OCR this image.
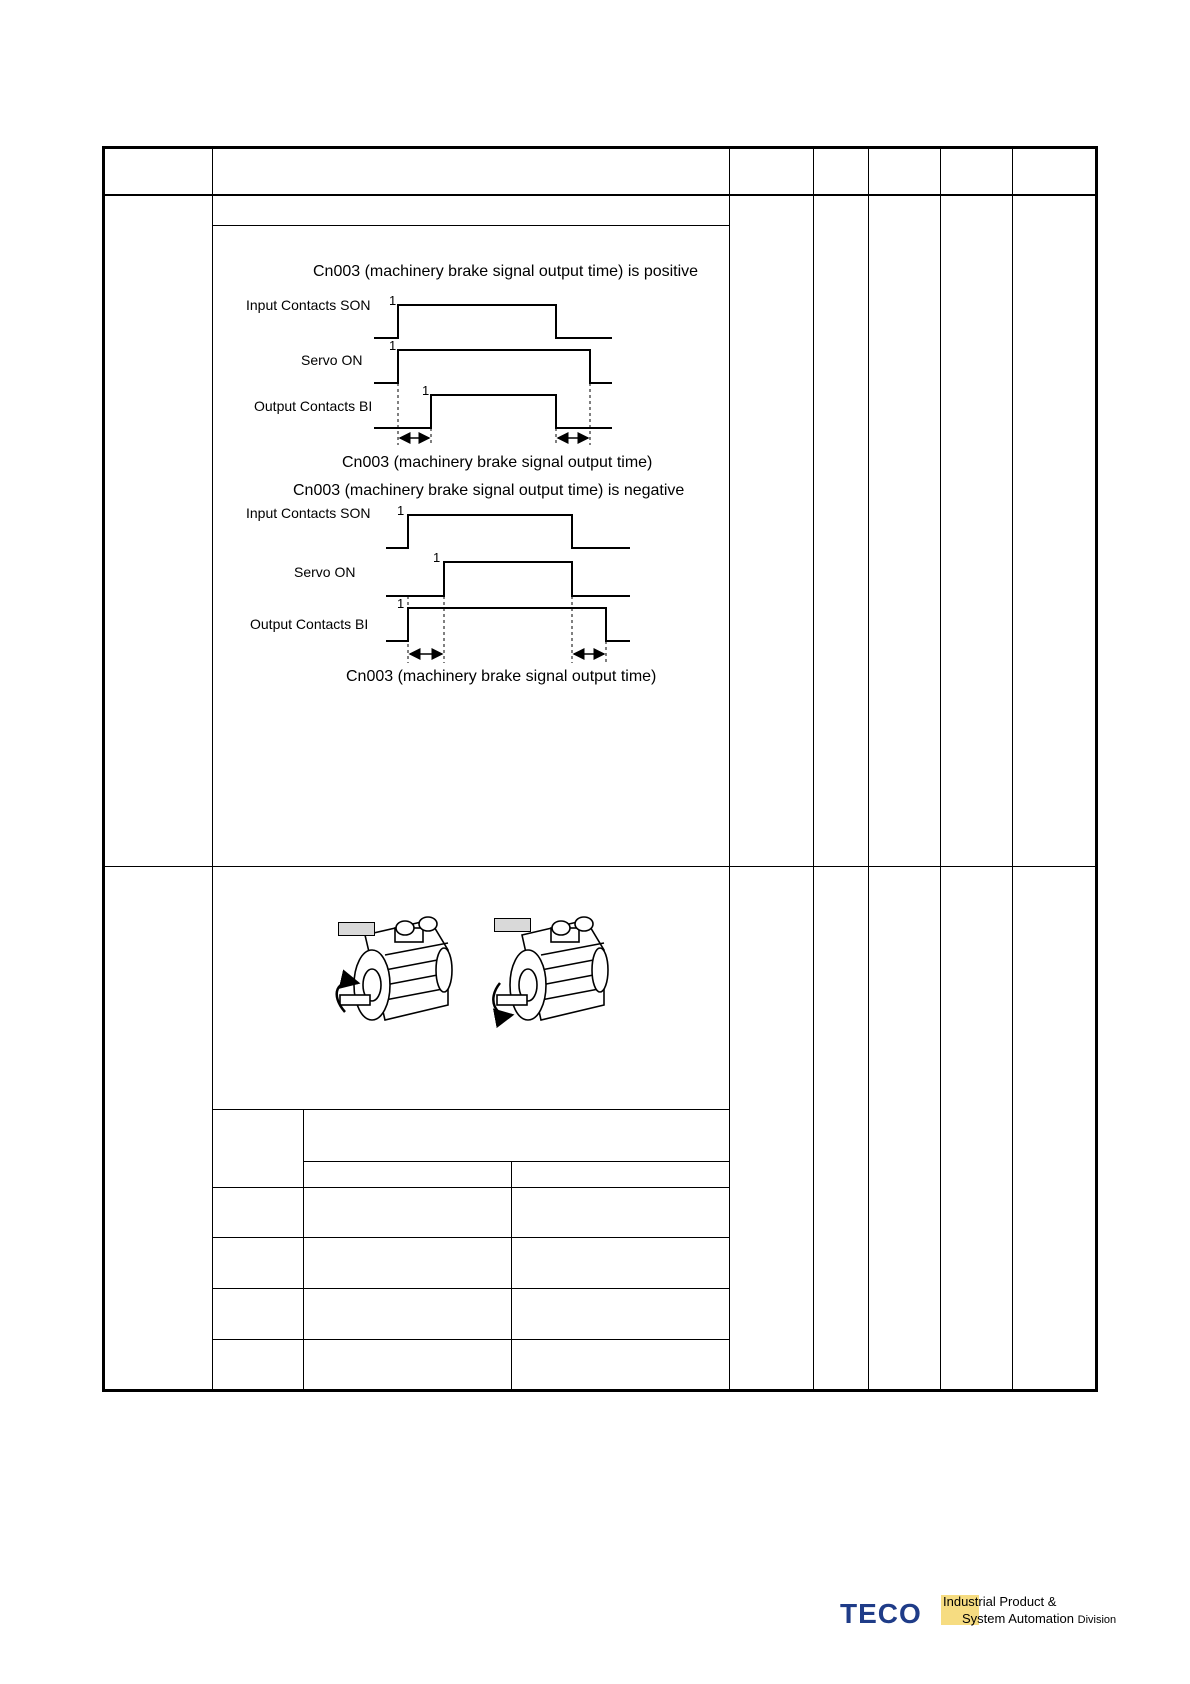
Cn003 (machinery brake signal output time) is positive
Input Contacts SON
Servo ON
Output Contacts BI
1
1
1
Cn003 (machinery brake signal output time)
Cn003 (machinery brake signal output time) is negative
Input Contacts SON
Servo ON
Output Contacts BI
1
1
1
Cn003 (machinery brake signal output time)
TECO Industrial Product &
System Automation Division
